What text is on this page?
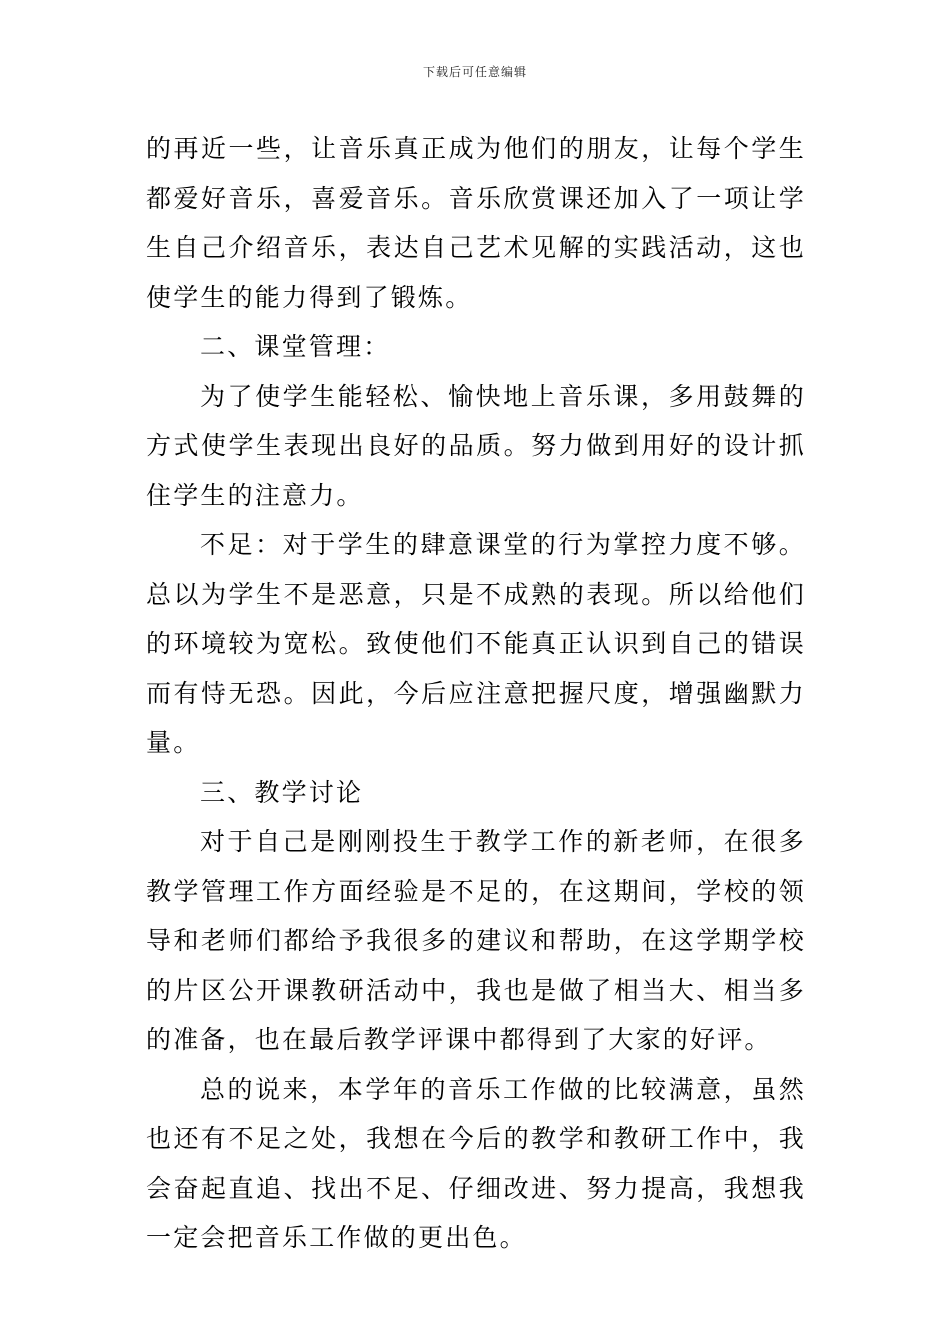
下载后可任意编辑

的再近一些，让音乐真正成为他们的朋友，让每个学生都爱好音乐，喜爱音乐。音乐欣赏课还加入了一项让学生自己介绍音乐，表达自己艺术见解的实践活动，这也使学生的能力得到了锻炼。

二、课堂管理：

为了使学生能轻松、愉快地上音乐课，多用鼓舞的方式使学生表现出良好的品质。努力做到用好的设计抓住学生的注意力。

不足：对于学生的肆意课堂的行为掌控力度不够。总以为学生不是恶意，只是不成熟的表现。所以给他们的环境较为宽松。致使他们不能真正认识到自己的错误而有恃无恐。因此，今后应注意把握尺度，增强幽默力量。

三、教学讨论

对于自己是刚刚投生于教学工作的新老师，在很多教学管理工作方面经验是不足的，在这期间，学校的领导和老师们都给予我很多的建议和帮助，在这学期学校的片区公开课教研活动中，我也是做了相当大、相当多的准备，也在最后教学评课中都得到了大家的好评。

总的说来，本学年的音乐工作做的比较满意，虽然也还有不足之处，我想在今后的教学和教研工作中，我会奋起直追、找出不足、仔细改进、努力提高，我想我一定会把音乐工作做的更出色。
